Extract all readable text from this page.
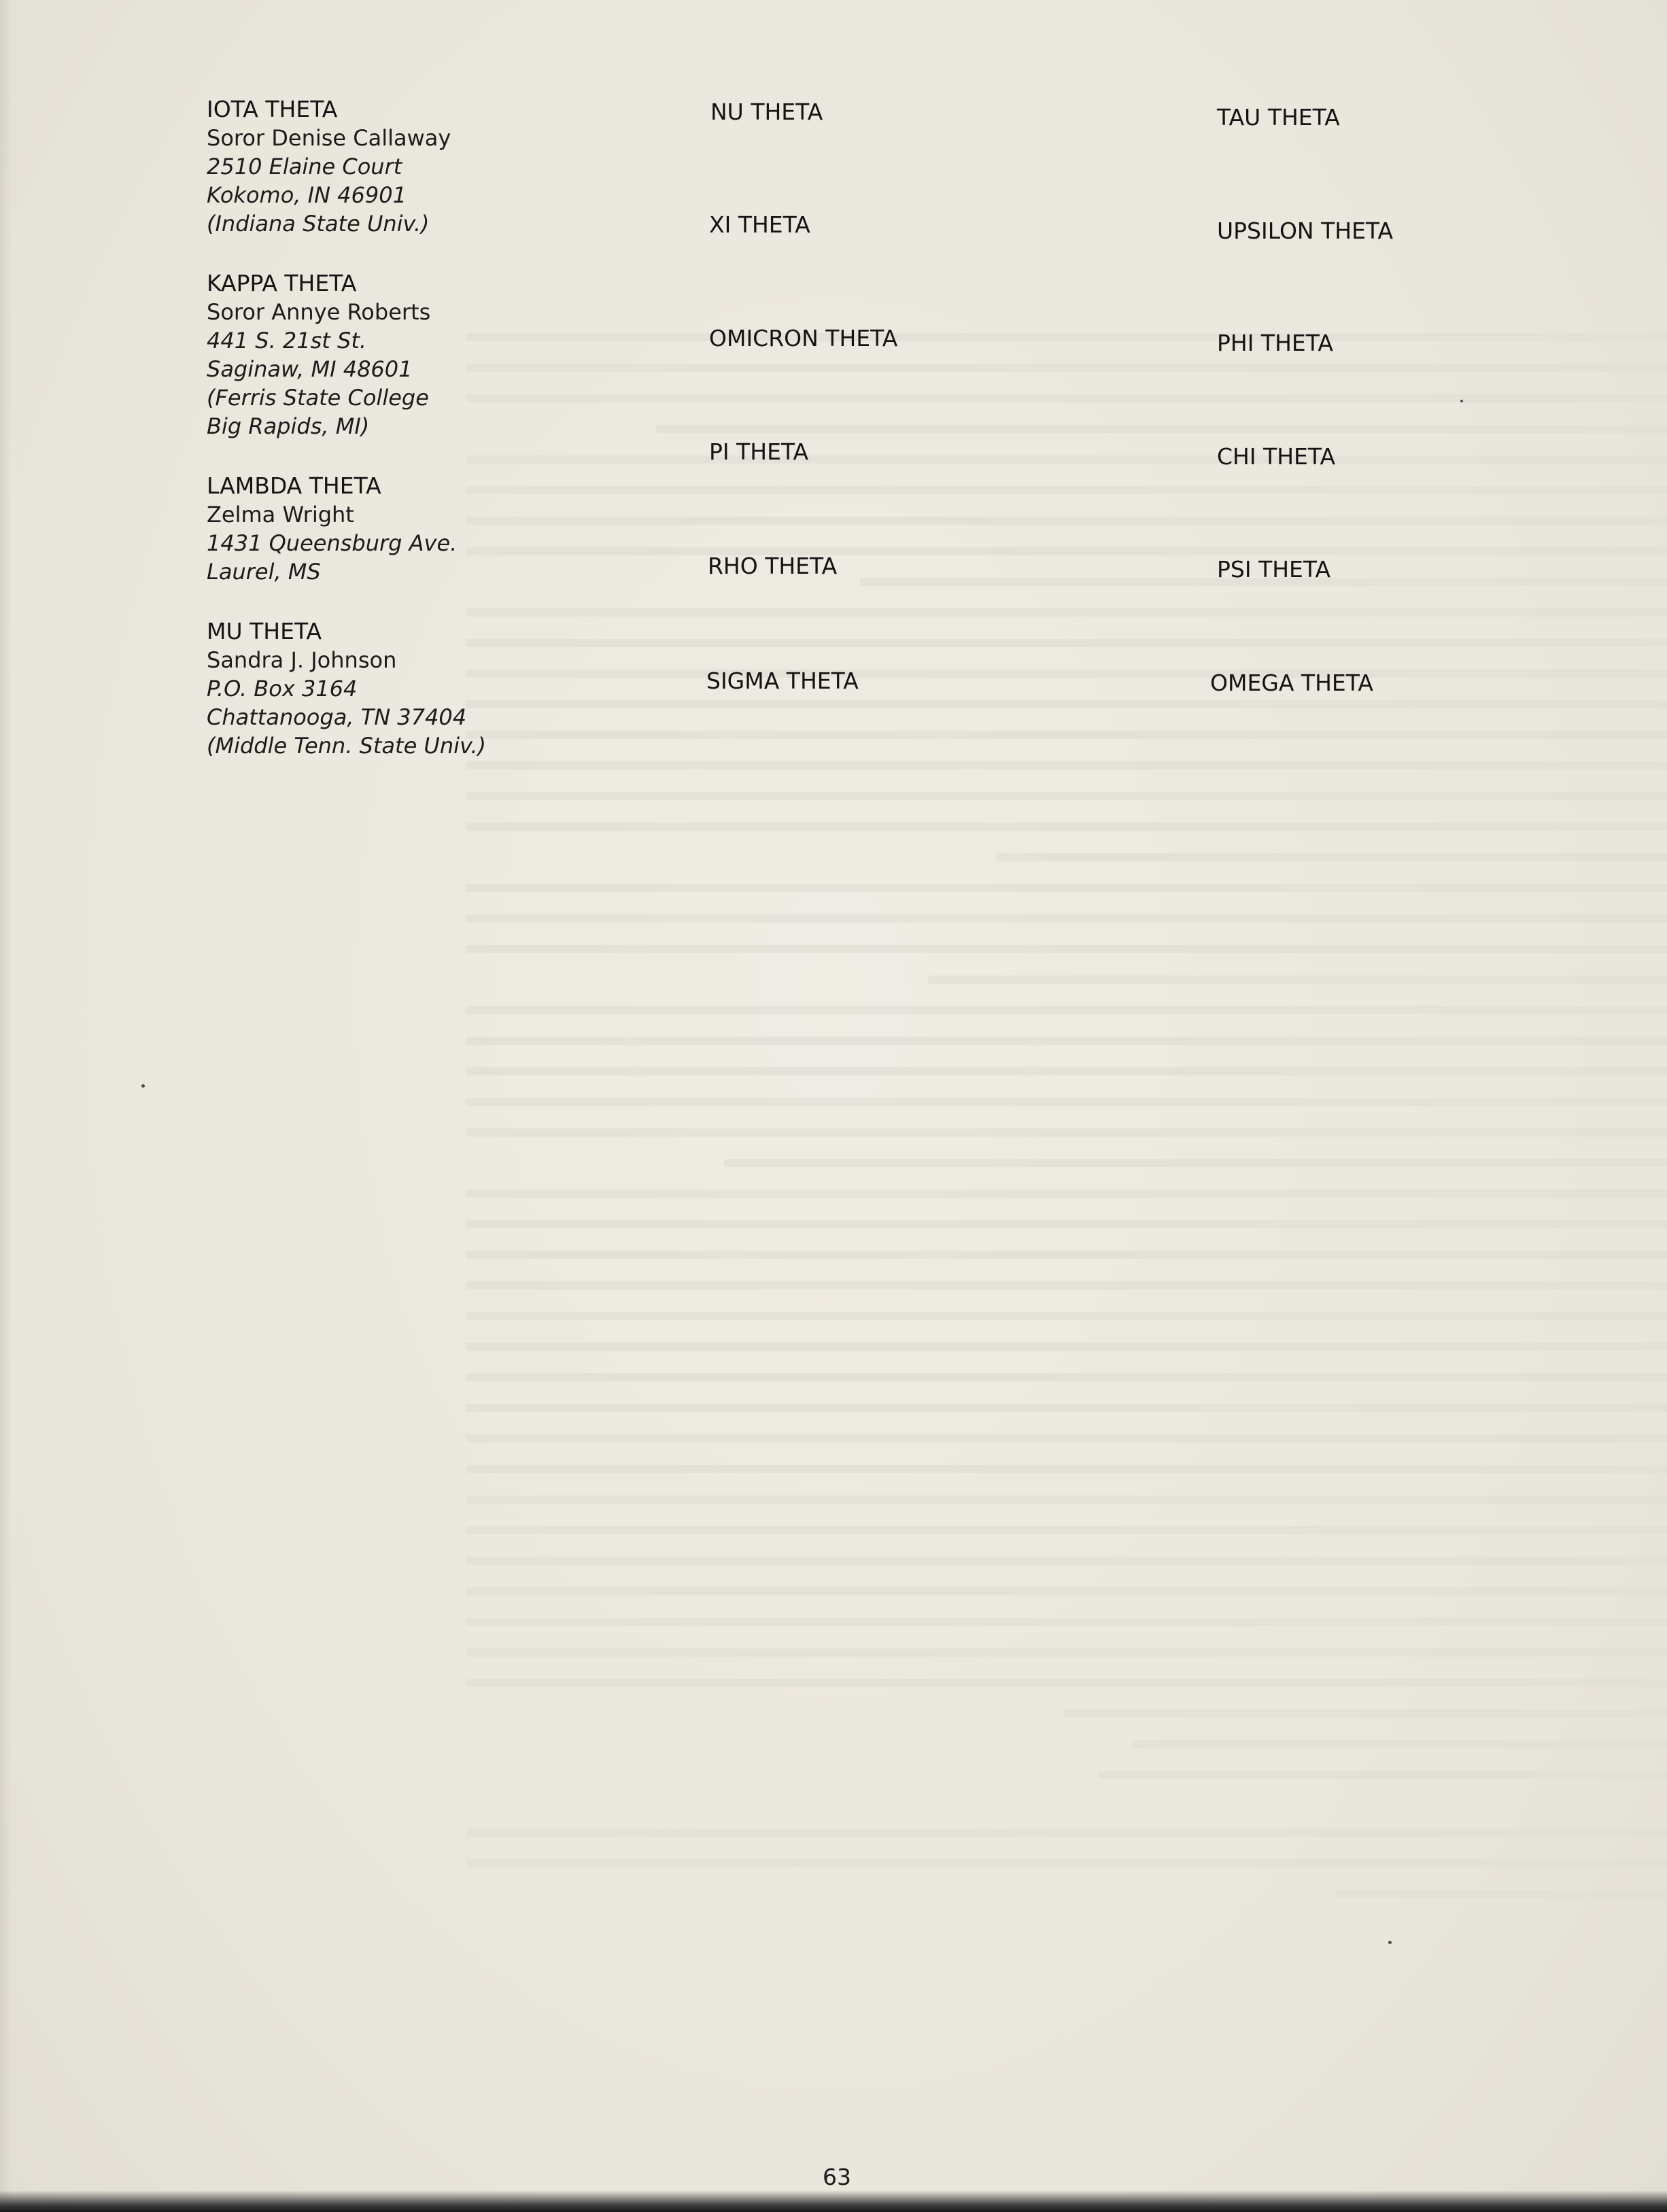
IOTA THETA
Soror Denise Callaway
2510 Elaine Court
Kokomo, IN 46901
(Indiana State Univ.)
KAPPA THETA
Soror Annye Roberts
441 S. 21st St.
Saginaw, MI 48601
(Ferris State College
Big Rapids, MI)
LAMBDA THETA
Zelma Wright
1431 Queensburg Ave.
Laurel, MS
MU THETA
Sandra J. Johnson
P.O. Box 3164
Chattanooga, TN 37404
(Middle Tenn. State Univ.)
NU THETA
XI THETA
OMICRON THETA
PI THETA
RHO THETA
SIGMA THETA
TAU THETA
UPSILON THETA
PHI THETA
CHI THETA
PSI THETA
OMEGA THETA
63
